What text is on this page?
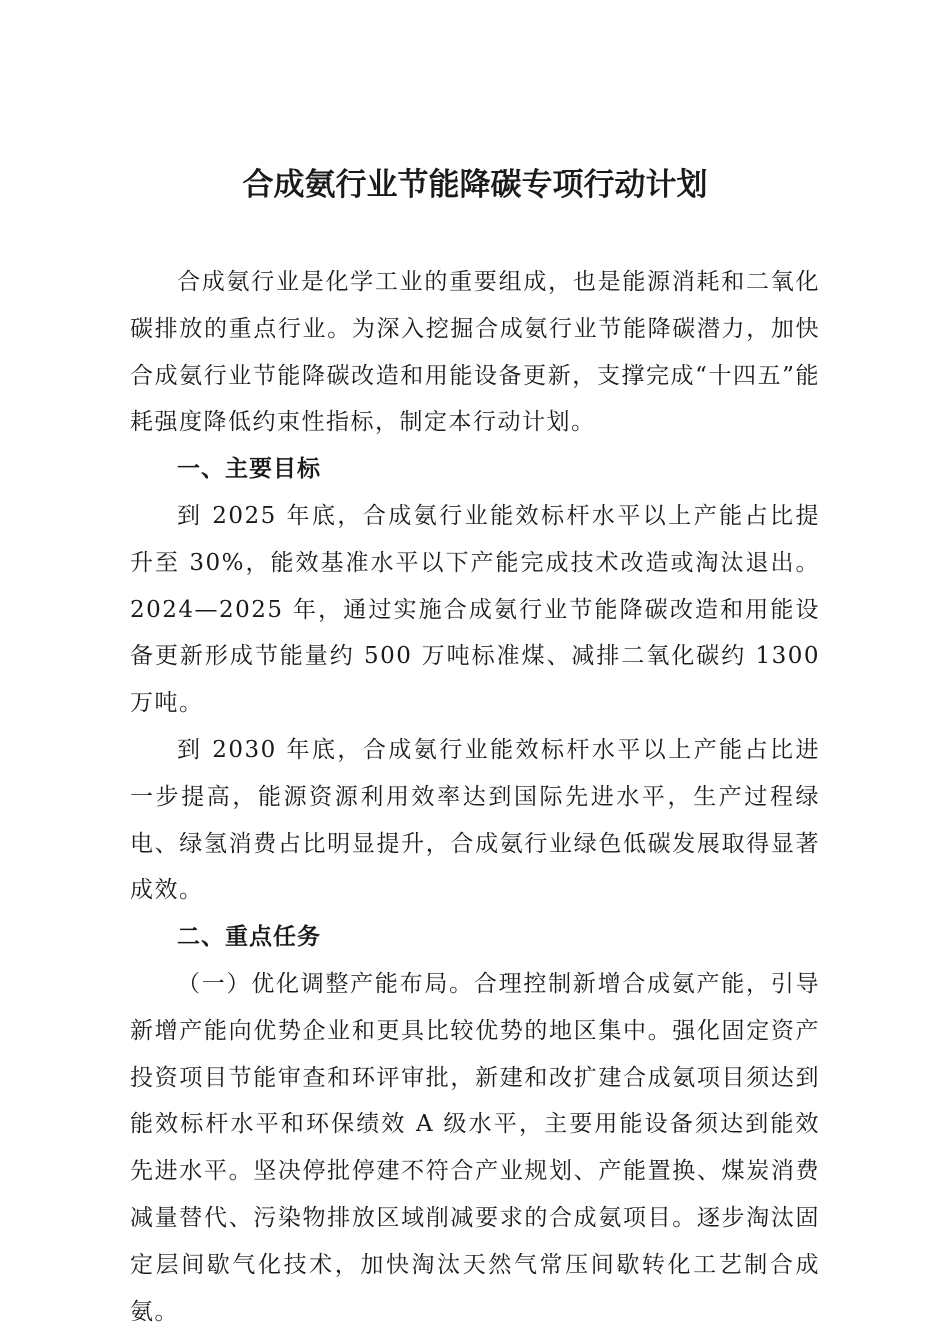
合成氨行业节能降碳专项行动计划

合成氨行业是化学工业的重要组成，也是能源消耗和二氧化碳排放的重点行业。为深入挖掘合成氨行业节能降碳潜力，加快合成氨行业节能降碳改造和用能设备更新，支撑完成“十四五”能耗强度降低约束性指标，制定本行动计划。

一、主要目标

到 2025 年底，合成氨行业能效标杆水平以上产能占比提升至 30%，能效基准水平以下产能完成技术改造或淘汰退出。2024—2025 年，通过实施合成氨行业节能降碳改造和用能设备更新形成节能量约 500 万吨标准煤、减排二氧化碳约 1300 万吨。

到 2030 年底，合成氨行业能效标杆水平以上产能占比进一步提高，能源资源利用效率达到国际先进水平，生产过程绿电、绿氢消费占比明显提升，合成氨行业绿色低碳发展取得显著成效。

二、重点任务

（一）优化调整产能布局。合理控制新增合成氨产能，引导新增产能向优势企业和更具比较优势的地区集中。强化固定资产投资项目节能审查和环评审批，新建和改扩建合成氨项目须达到能效标杆水平和环保绩效 A 级水平，主要用能设备须达到能效先进水平。坚决停批停建不符合产业规划、产能置换、煤炭消费减量替代、污染物排放区域削减要求的合成氨项目。逐步淘汰固定层间歇气化技术，加快淘汰天然气常压间歇转化工艺制合成氨。
